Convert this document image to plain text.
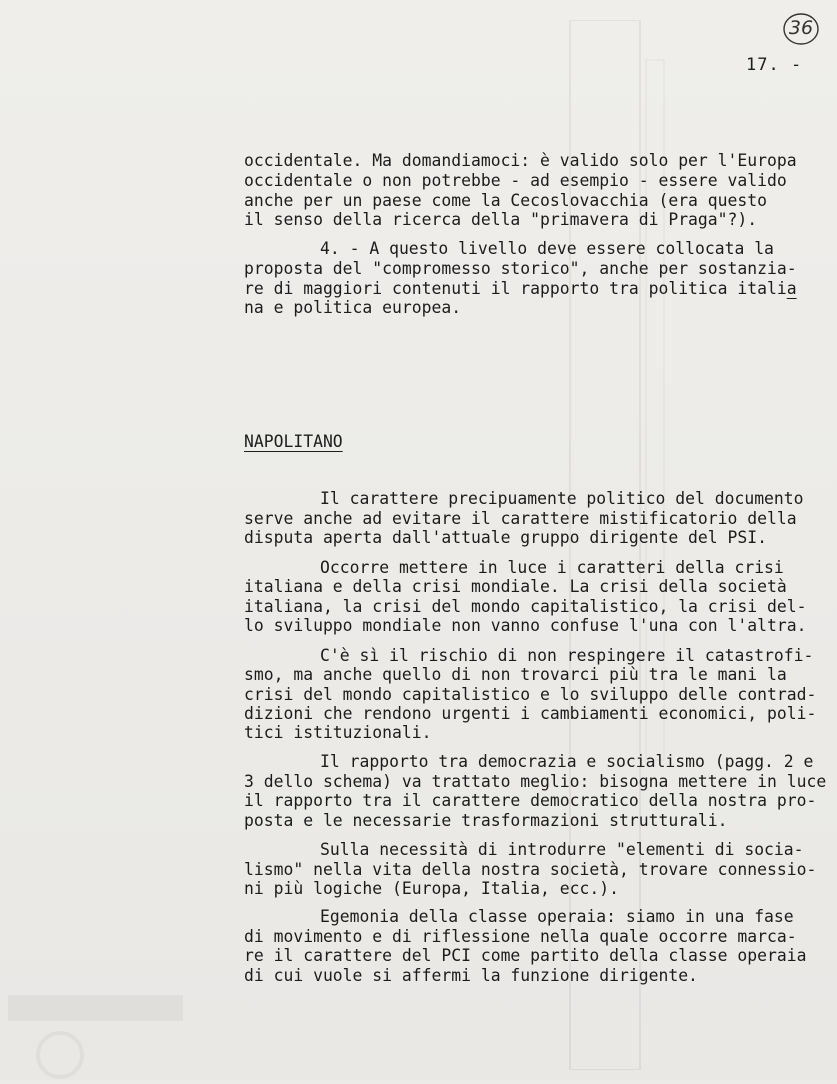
36
17. -
occidentale. Ma domandiamoci: è valido solo per l'Europa
occidentale o non potrebbe - ad esempio - essere valido
anche per un paese come la Cecoslovacchia (era questo
il senso della ricerca della "primavera di Praga"?).
4. - A questo livello deve essere collocata la
proposta del "compromesso storico", anche per sostanzia-
re di maggiori contenuti il rapporto tra politica italia
na e politica europea.
NAPOLITANO
Il carattere precipuamente politico del documento
serve anche ad evitare il carattere mistificatorio della
disputa aperta dall'attuale gruppo dirigente del PSI.
Occorre mettere in luce i caratteri della crisi
italiana e della crisi mondiale. La crisi della società
italiana, la crisi del mondo capitalistico, la crisi del-
lo sviluppo mondiale non vanno confuse l'una con l'altra.
C'è sì il rischio di non respingere il catastrofi-
smo, ma anche quello di non trovarci più tra le mani la
crisi del mondo capitalistico e lo sviluppo delle contrad-
dizioni che rendono urgenti i cambiamenti economici, poli-
tici istituzionali.
Il rapporto tra democrazia e socialismo (pagg. 2 e
3 dello schema) va trattato meglio: bisogna mettere in luce
il rapporto tra il carattere democratico della nostra pro-
posta e le necessarie trasformazioni strutturali.
Sulla necessità di introdurre "elementi di socia-
lismo" nella vita della nostra società, trovare connessio-
ni più logiche (Europa, Italia, ecc.).
Egemonia della classe operaia: siamo in una fase
di movimento e di riflessione nella quale occorre marca-
re il carattere del PCI come partito della classe operaia
di cui vuole si affermi la funzione dirigente.
